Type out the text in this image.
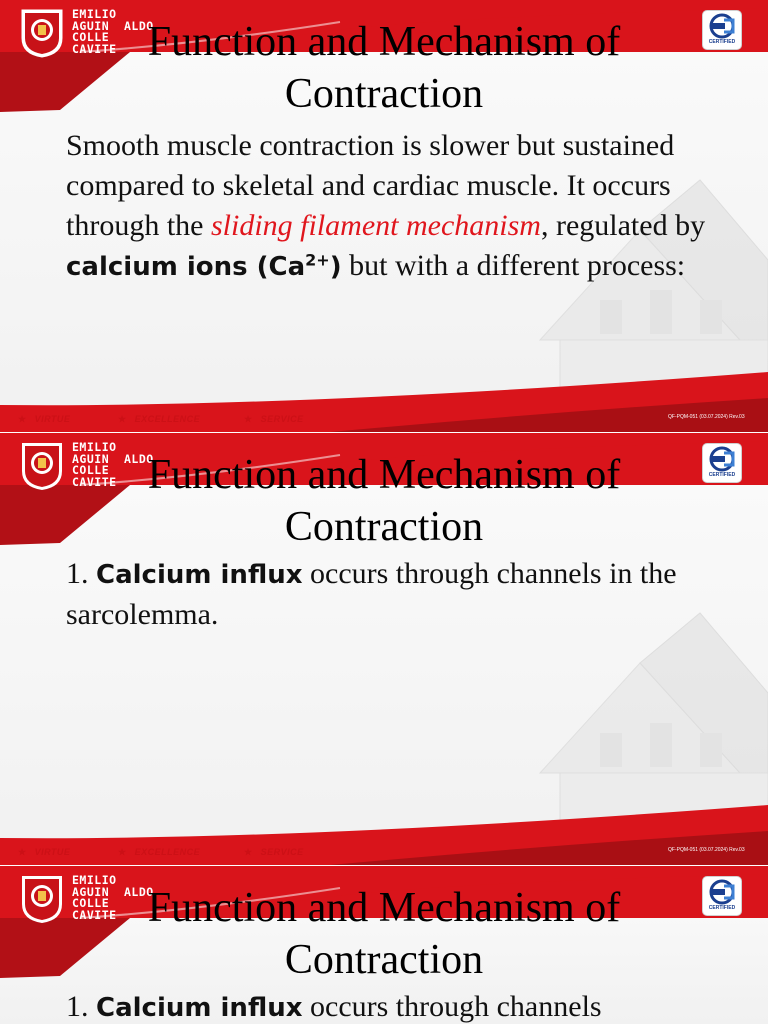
EMILIO
AGUIN
COLLE
CAVITE
ALDO
CERTIFIED
Function and Mechanism of
Contraction

Smooth muscle contraction is slower but sustained compared to skeletal and cardiac muscle. It occurs through the sliding filament mechanism, regulated by calcium ions $(Ca^{2+})$ but with a different process:

★ VIRTUE	★ EXCELLENCE	★ SERVICE	QF-PQM-051 (03.07.2024) Rev.03
EMILIO
AGUIN
COLLE
CAVITE
ALDO
CERTIFIED
Function and Mechanism of
Contraction

1. Calcium influx occurs through channels in the sarcolemma.

★ VIRTUE	★ EXCELLENCE	★ SERVICE	QF-PQM-051 (03.07.2024) Rev.03
EMILIO
AGUIN
COLLE
CAVITE
ALDO
CERTIFIED
Function and Mechanism of
Contraction

1. Calcium influx occurs through channels
